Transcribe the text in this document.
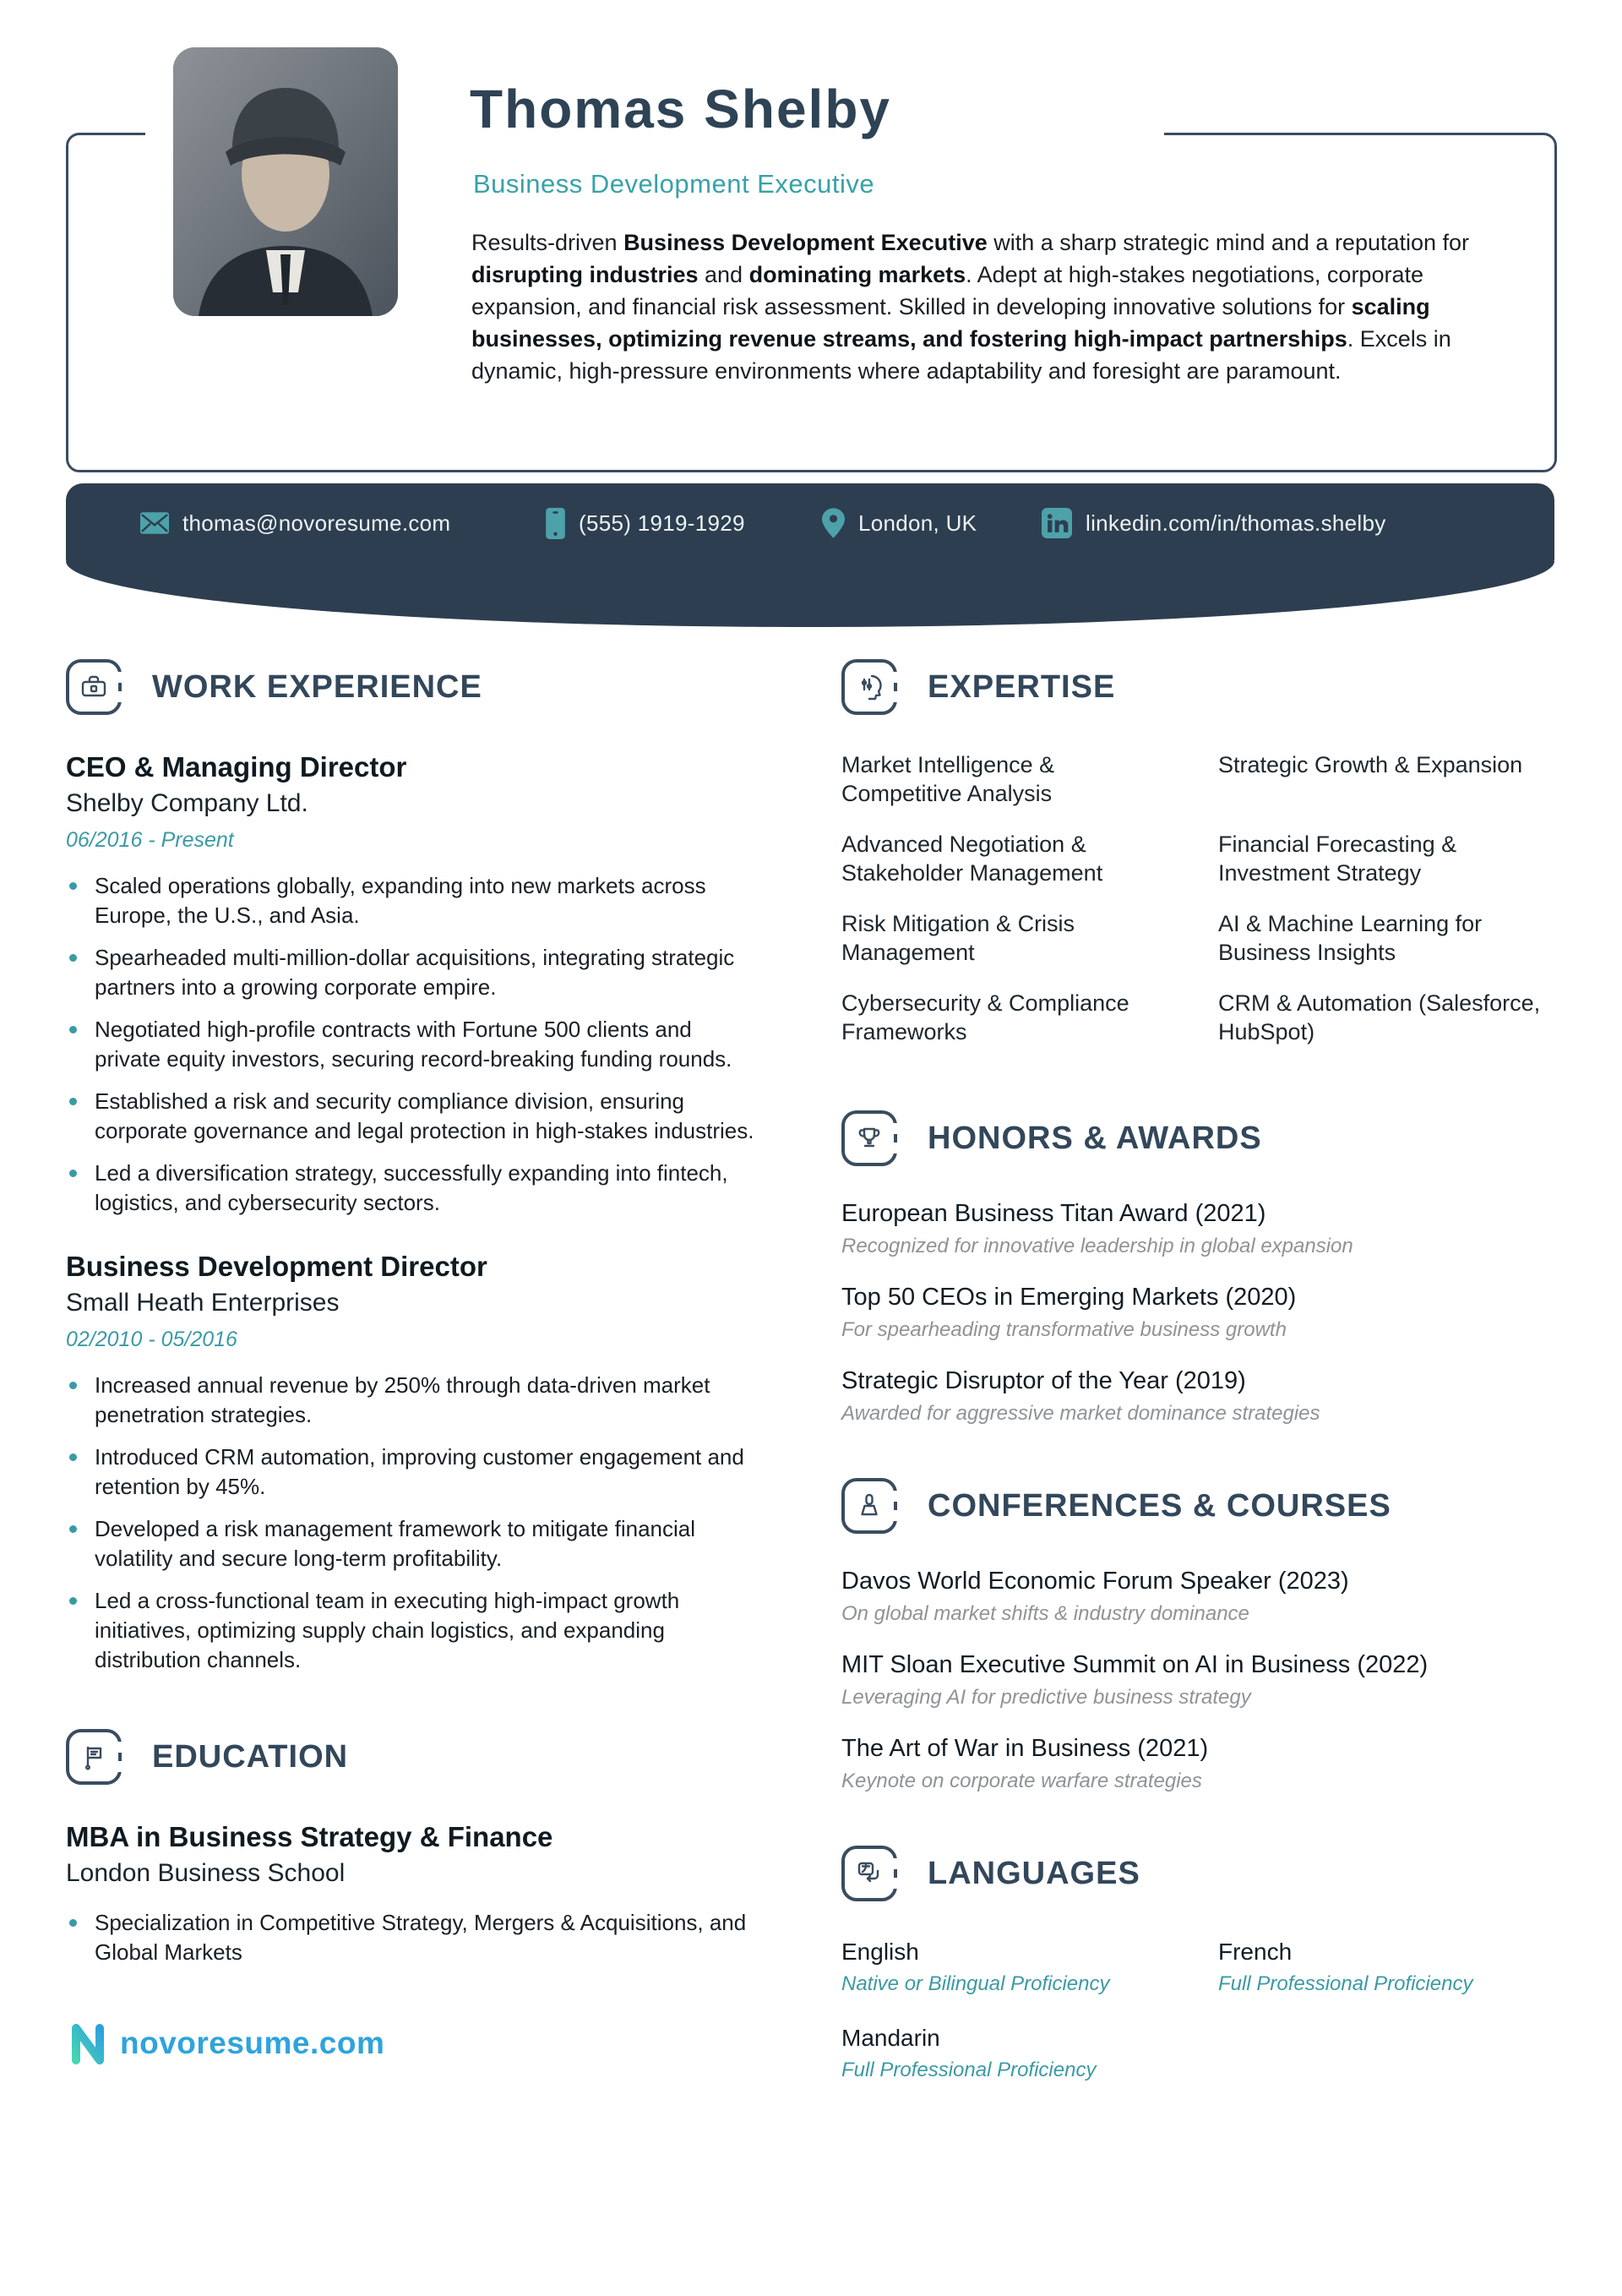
Thomas Shelby
Business Development Executive
Results-driven Business Development Executive with a sharp strategic mind and a reputation for disrupting industries and dominating markets. Adept at high-stakes negotiations, corporate expansion, and financial risk assessment. Skilled in developing innovative solutions for scaling businesses, optimizing revenue streams, and fostering high-impact partnerships. Excels in dynamic, high-pressure environments where adaptability and foresight are paramount.
thomas@novoresume.com	(555) 1919-1929	London, UK	linkedin.com/in/thomas.shelby
WORK EXPERIENCE
CEO & Managing Director
Shelby Company Ltd.
06/2016 - Present
Scaled operations globally, expanding into new markets across Europe, the U.S., and Asia.
Spearheaded multi-million-dollar acquisitions, integrating strategic partners into a growing corporate empire.
Negotiated high-profile contracts with Fortune 500 clients and private equity investors, securing record-breaking funding rounds.
Established a risk and security compliance division, ensuring corporate governance and legal protection in high-stakes industries.
Led a diversification strategy, successfully expanding into fintech, logistics, and cybersecurity sectors.
Business Development Director
Small Heath Enterprises
02/2010 - 05/2016
Increased annual revenue by 250% through data-driven market penetration strategies.
Introduced CRM automation, improving customer engagement and retention by 45%.
Developed a risk management framework to mitigate financial volatility and secure long-term profitability.
Led a cross-functional team in executing high-impact growth initiatives, optimizing supply chain logistics, and expanding distribution channels.
EDUCATION
MBA in Business Strategy & Finance
London Business School
Specialization in Competitive Strategy, Mergers & Acquisitions, and Global Markets
novoresume.com
EXPERTISE
Market Intelligence & Competitive Analysis
Strategic Growth & Expansion
Advanced Negotiation & Stakeholder Management
Financial Forecasting & Investment Strategy
Risk Mitigation & Crisis Management
AI & Machine Learning for Business Insights
Cybersecurity & Compliance Frameworks
CRM & Automation (Salesforce, HubSpot)
HONORS & AWARDS
European Business Titan Award (2021)
Recognized for innovative leadership in global expansion
Top 50 CEOs in Emerging Markets (2020)
For spearheading transformative business growth
Strategic Disruptor of the Year (2019)
Awarded for aggressive market dominance strategies
CONFERENCES & COURSES
Davos World Economic Forum Speaker (2023)
On global market shifts & industry dominance
MIT Sloan Executive Summit on AI in Business (2022)
Leveraging AI for predictive business strategy
The Art of War in Business (2021)
Keynote on corporate warfare strategies
LANGUAGES
English
Native or Bilingual Proficiency
French
Full Professional Proficiency
Mandarin
Full Professional Proficiency
